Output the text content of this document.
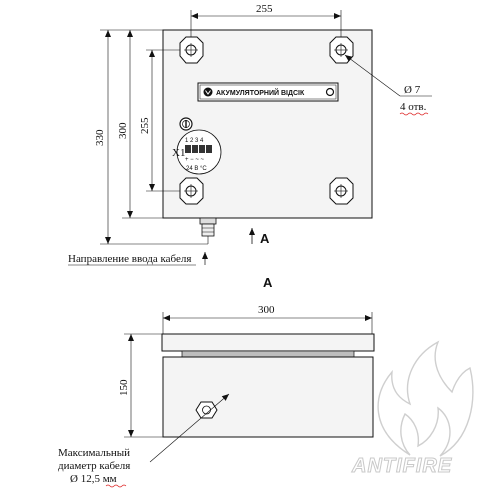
АКУМУЛЯТОРНИЙ ВІДСІК
X1
1 2 3 4
+ − ~ ~
24 В °С
255
330 300 255
Ø 7
4 отв.
А
Направление ввода кабеля
А
300
150
Максимальный
диаметр кабеля
Ø 12,5 мм
ANTIFIRE
